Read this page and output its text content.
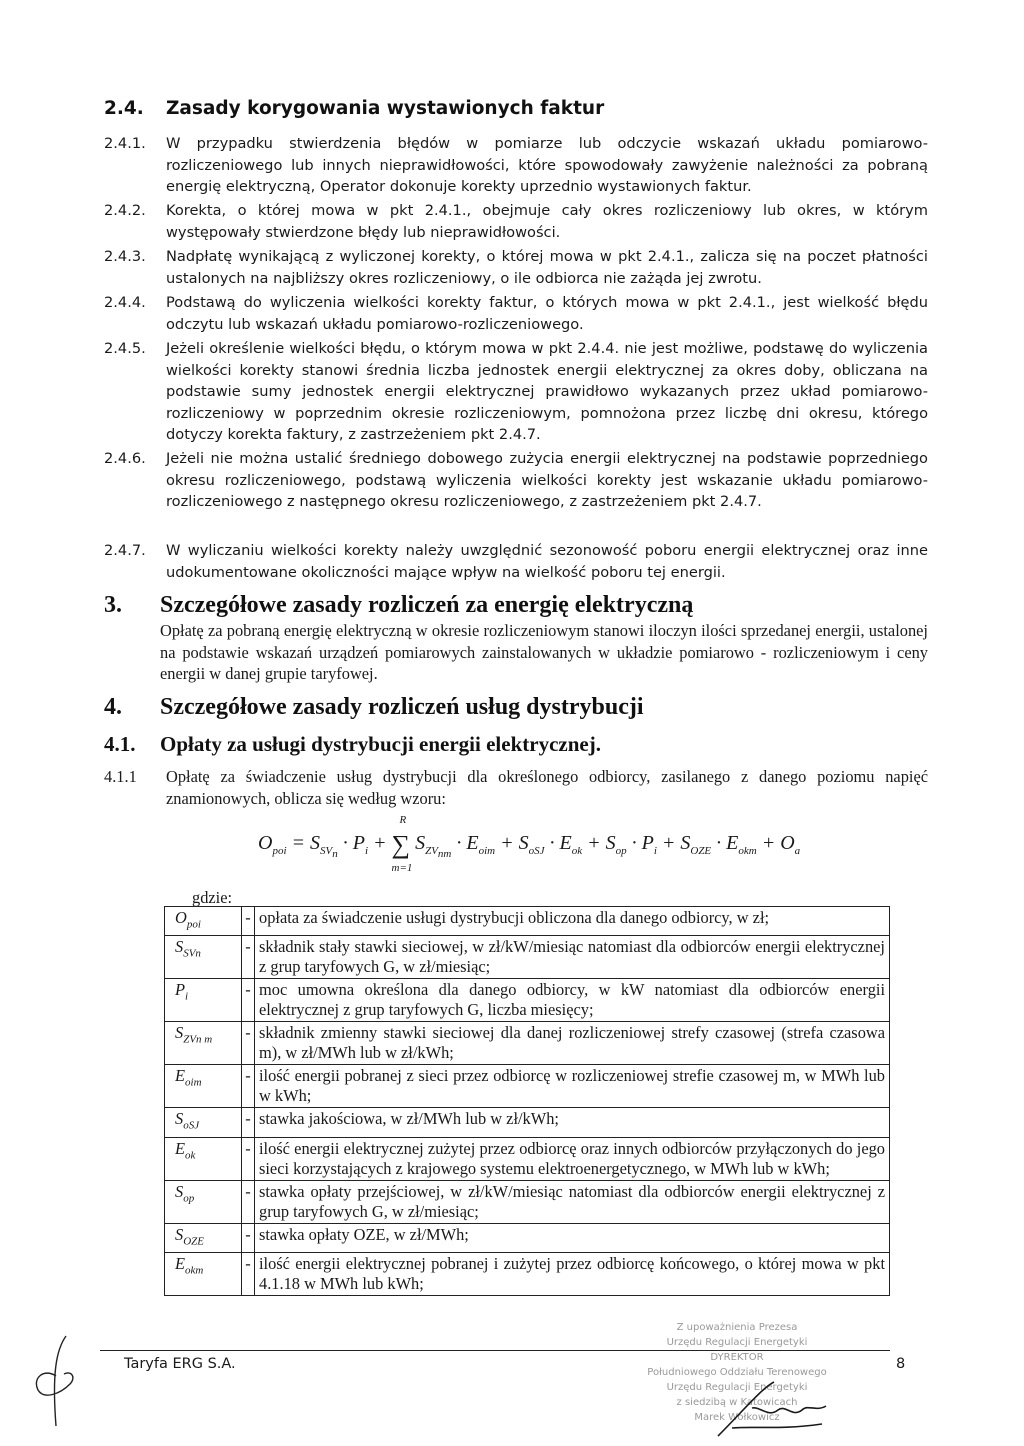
2.4. Zasady korygowania wystawionych faktur
2.4.1. W przypadku stwierdzenia błędów w pomiarze lub odczycie wskazań układu pomiarowo-rozliczeniowego lub innych nieprawidłowości, które spowodowały zawyżenie należności za pobraną energię elektryczną, Operator dokonuje korekty uprzednio wystawionych faktur.
2.4.2. Korekta, o której mowa w pkt 2.4.1., obejmuje cały okres rozliczeniowy lub okres, w którym występowały stwierdzone błędy lub nieprawidłowości.
2.4.3. Nadpłatę wynikającą z wyliczonej korekty, o której mowa w pkt 2.4.1., zalicza się na poczet płatności ustalonych na najbliższy okres rozliczeniowy, o ile odbiorca nie zażąda jej zwrotu.
2.4.4. Podstawą do wyliczenia wielkości korekty faktur, o których mowa w pkt 2.4.1., jest wielkość błędu odczytu lub wskazań układu pomiarowo-rozliczeniowego.
2.4.5. Jeżeli określenie wielkości błędu, o którym mowa w pkt 2.4.4. nie jest możliwe, podstawę do wyliczenia wielkości korekty stanowi średnia liczba jednostek energii elektrycznej za okres doby, obliczana na podstawie sumy jednostek energii elektrycznej prawidłowo wykazanych przez układ pomiarowo-rozliczeniowy w poprzednim okresie rozliczeniowym, pomnożona przez liczbę dni okresu, którego dotyczy korekta faktury, z zastrzeżeniem pkt 2.4.7.
2.4.6. Jeżeli nie można ustalić średniego dobowego zużycia energii elektrycznej na podstawie poprzedniego okresu rozliczeniowego, podstawą wyliczenia wielkości korekty jest wskazanie układu pomiarowo-rozliczeniowego z następnego okresu rozliczeniowego, z zastrzeżeniem pkt 2.4.7.
2.4.7. W wyliczaniu wielkości korekty należy uwzględnić sezonowość poboru energii elektrycznej oraz inne udokumentowane okoliczności mające wpływ na wielkość poboru tej energii.
3. Szczegółowe zasady rozliczeń za energię elektryczną
Opłatę za pobraną energię elektryczną w okresie rozliczeniowym stanowi iloczyn ilości sprzedanej energii, ustalonej na podstawie wskazań urządzeń pomiarowych zainstalowanych w układzie pomiarowo - rozliczeniowym i ceny energii w danej grupie taryfowej.
4. Szczegółowe zasady rozliczeń usług dystrybucji
4.1. Opłaty za usługi dystrybucji energii elektrycznej.
4.1.1 Opłatę za świadczenie usług dystrybucji dla określonego odbiorcy, zasilanego z danego poziomu napięć znamionowych, oblicza się według wzoru:
$O_{poi} = S_{SV_n} \cdot P_i$ +
R
∑
m=1
$S_{ZV_{nm}} \cdot E_{oim} + S_{oSJ} \cdot E_{ok} + S_{op} \cdot P_i + S_{OZE} \cdot E_{okm} + O_a$
gdzie:
$O_{poi}$	-	opłata za świadczenie usługi dystrybucji obliczona dla danego odbiorcy, w zł;
$S_{SVn}$	-	składnik stały stawki sieciowej, w zł/kW/miesiąc natomiast dla odbiorców energii elektrycznej z grup taryfowych G, w zł/miesiąc;
$P_i$	-	moc umowna określona dla danego odbiorcy, w kW natomiast dla odbiorców energii elektrycznej z grup taryfowych G, liczba miesięcy;
$S_{ZVn m}$	-	składnik zmienny stawki sieciowej dla danej rozliczeniowej strefy czasowej (strefa czasowa m), w zł/MWh lub w zł/kWh;
$E_{oim}$	-	ilość energii pobranej z sieci przez odbiorcę w rozliczeniowej strefie czasowej m, w MWh lub w kWh;
$S_{oSJ}$	-	stawka jakościowa, w zł/MWh lub w zł/kWh;
$E_{ok}$	-	ilość energii elektrycznej zużytej przez odbiorcę oraz innych odbiorców przyłączonych do jego sieci korzystających z krajowego systemu elektroenergetycznego, w MWh lub w kWh;
$S_{op}$	-	stawka opłaty przejściowej, w zł/kW/miesiąc natomiast dla odbiorców energii elektrycznej z grup taryfowych G, w zł/miesiąc;
$S_{OZE}$	-	stawka opłaty OZE, w zł/MWh;
$E_{okm}$	-	ilość energii elektrycznej pobranej i zużytej przez odbiorcę końcowego, o której mowa w pkt 4.1.18 w MWh lub kWh;
Taryfa ERG S.A.	8
Z upoważnienia Prezesa
Urzędu Regulacji Energetyki
DYREKTOR
Południowego Oddziału Terenowego
Urzędu Regulacji Energetyki
z siedzibą w Katowicach
Marek Wołkowicz
